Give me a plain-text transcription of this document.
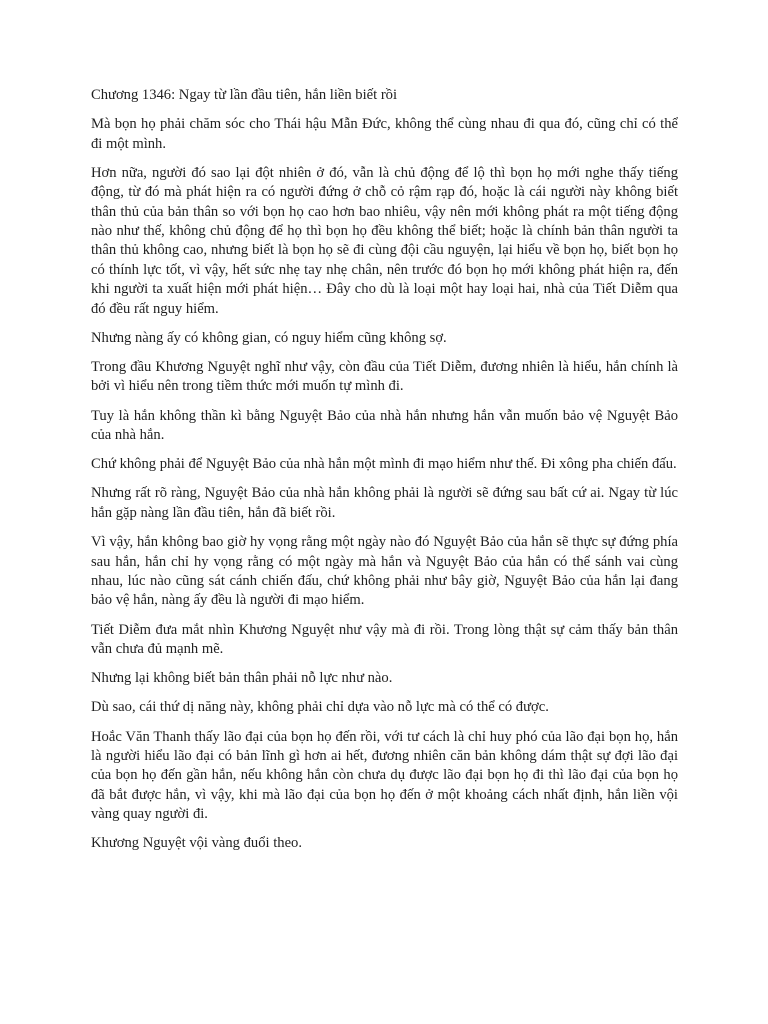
Chương 1346: Ngay từ lần đầu tiên, hắn liền biết rồi

Mà bọn họ phải chăm sóc cho Thái hậu Mẫn Đức, không thể cùng nhau đi qua đó, cũng chỉ có thể đi một mình.

Hơn nữa, người đó sao lại đột nhiên ở đó, vẫn là chủ động để lộ thì bọn họ mới nghe thấy tiếng động, từ đó mà phát hiện ra có người đứng ở chỗ cỏ rậm rạp đó, hoặc là cái người này không biết thân thủ của bản thân so với bọn họ cao hơn bao nhiêu, vậy nên mới không phát ra một tiếng động nào như thế, không chủ động để họ thì bọn họ đều không thể biết; hoặc là chính bản thân người ta thân thủ không cao, nhưng biết là bọn họ sẽ đi cùng đội cầu nguyện, lại hiểu về bọn họ, biết bọn họ có thính lực tốt, vì vậy, hết sức nhẹ tay nhẹ chân, nên trước đó bọn họ mới không phát hiện ra, đến khi người ta xuất hiện mới phát hiện… Đây cho dù là loại một hay loại hai, nhà của Tiết Diễm qua đó đều rất nguy hiểm.

Nhưng nàng ấy có không gian, có nguy hiểm cũng không sợ.

Trong đầu Khương Nguyệt nghĩ như vậy, còn đầu của Tiết Diễm, đương nhiên là hiểu, hắn chính là bởi vì hiểu nên trong tiềm thức mới muốn tự mình đi.

Tuy là hắn không thần kì bằng Nguyệt Bảo của nhà hắn nhưng hắn vẫn muốn bảo vệ Nguyệt Bảo của nhà hắn.

Chứ không phải để Nguyệt Bảo của nhà hắn một mình đi mạo hiểm như thế. Đi xông pha chiến đấu.

Nhưng rất rõ ràng, Nguyệt Bảo của nhà hắn không phải là người sẽ đứng sau bất cứ ai. Ngay từ lúc hắn gặp nàng lần đầu tiên, hắn đã biết rồi.

Vì vậy, hắn không bao giờ hy vọng rằng một ngày nào đó Nguyệt Bảo của hắn sẽ thực sự đứng phía sau hắn, hắn chỉ hy vọng rằng có một ngày mà hắn và Nguyệt Bảo của hắn có thể sánh vai cùng nhau, lúc nào cũng sát cánh chiến đấu, chứ không phải như bây giờ, Nguyệt Bảo của hắn lại đang bảo vệ hắn, nàng ấy đều là người đi mạo hiểm.

Tiết Diễm đưa mắt nhìn Khương Nguyệt như vậy mà đi rồi. Trong lòng thật sự cảm thấy bản thân vẫn chưa đủ mạnh mẽ.

Nhưng lại không biết bản thân phải nỗ lực như nào.

Dù sao, cái thứ dị năng này, không phải chỉ dựa vào nỗ lực mà có thể có được.

Hoắc Văn Thanh thấy lão đại của bọn họ đến rồi, với tư cách là chỉ huy phó của lão đại bọn họ, hắn là người hiểu lão đại có bản lĩnh gì hơn ai hết, đương nhiên căn bản không dám thật sự đợi lão đại của bọn họ đến gần hắn, nếu không hắn còn chưa dụ được lão đại bọn họ đi thì lão đại của bọn họ đã bắt được hắn, vì vậy, khi mà lão đại của bọn họ đến ở một khoảng cách nhất định, hắn liền vội vàng quay người đi.

Khương Nguyệt vội vàng đuổi theo.
